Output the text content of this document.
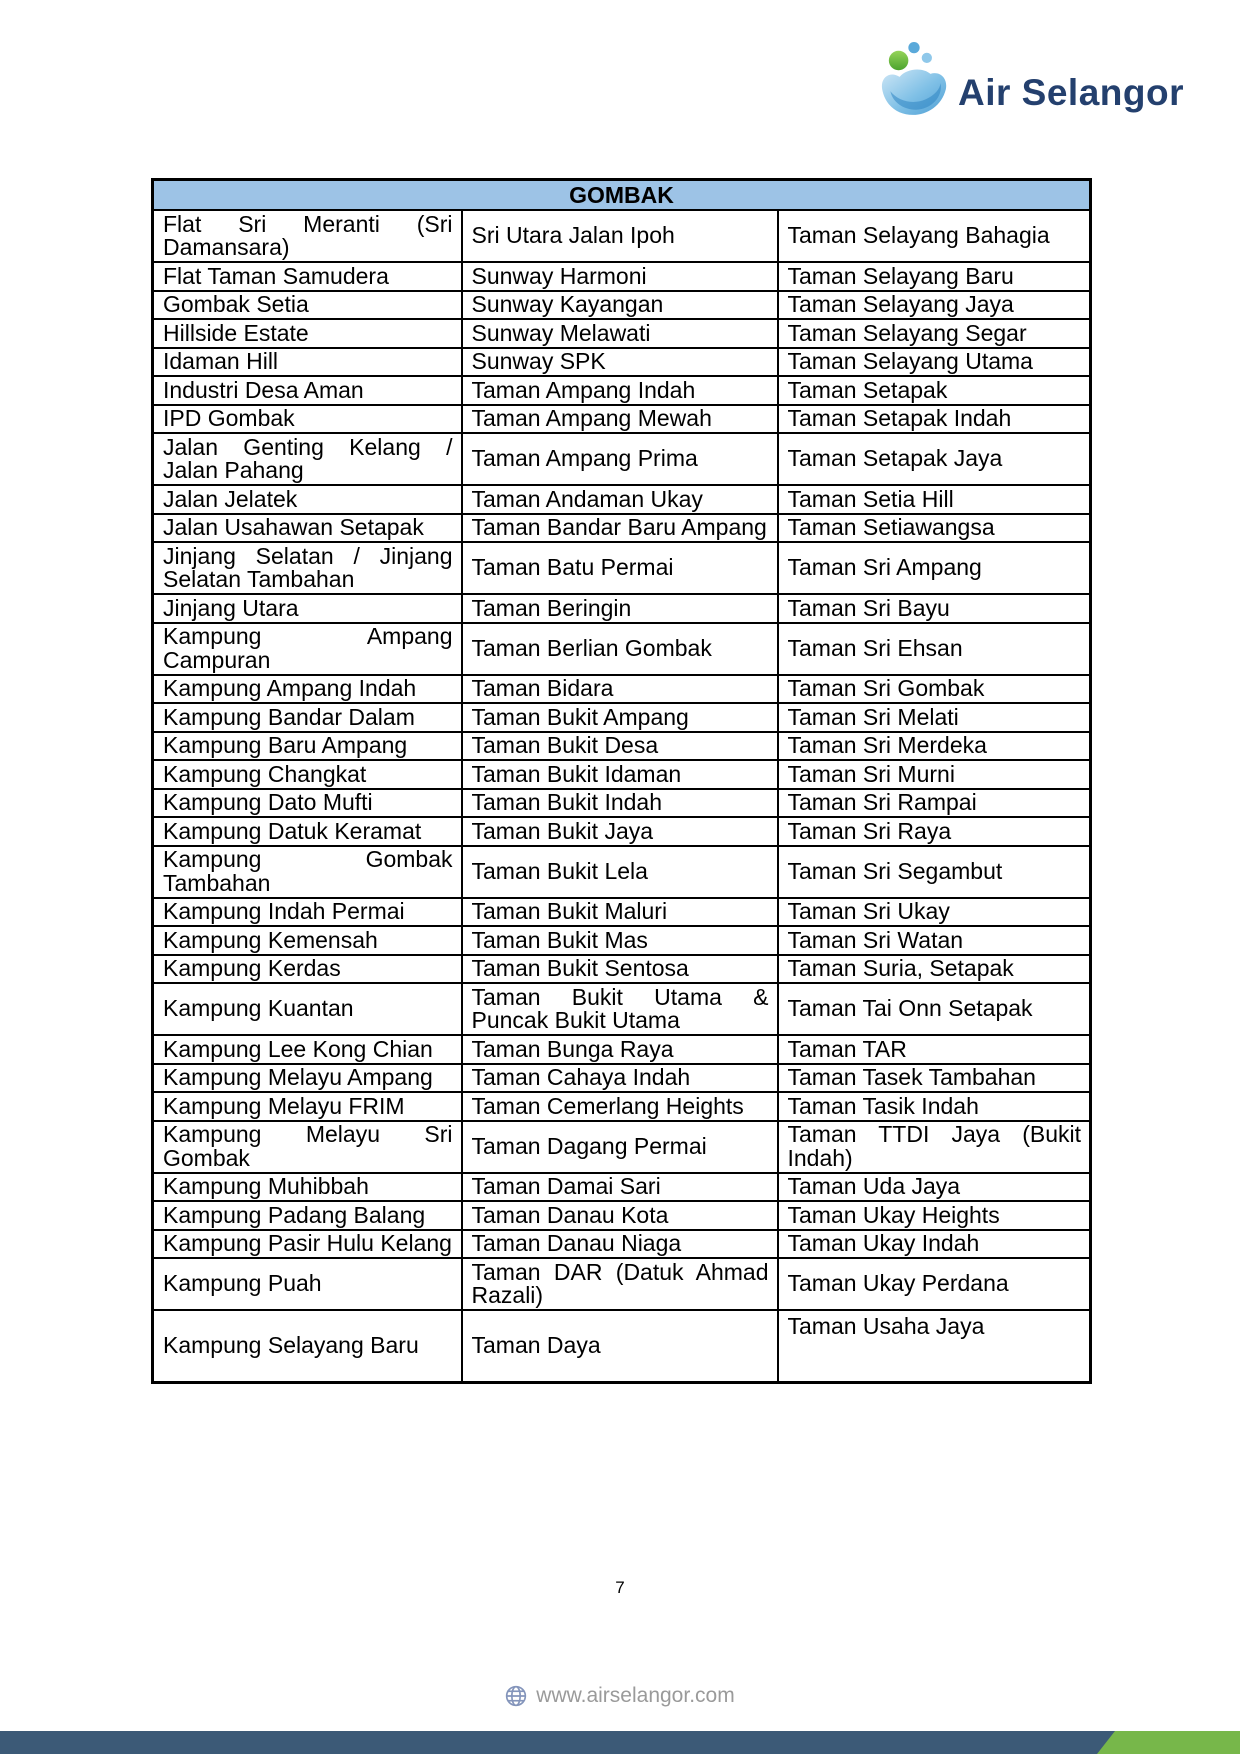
Air Selangor
GOMBAK		
Flat Sri Meranti (Sri Damansara)	Sri Utara Jalan Ipoh	Taman Selayang Bahagia
Flat Taman Samudera	Sunway Harmoni	Taman Selayang Baru
Gombak Setia	Sunway Kayangan	Taman Selayang Jaya
Hillside Estate	Sunway Melawati	Taman Selayang Segar
Idaman Hill	Sunway SPK	Taman Selayang Utama
Industri Desa Aman	Taman Ampang Indah	Taman Setapak
IPD Gombak	Taman Ampang Mewah	Taman Setapak Indah
Jalan Genting Kelang / Jalan Pahang	Taman Ampang Prima	Taman Setapak Jaya
Jalan Jelatek	Taman Andaman Ukay	Taman Setia Hill
Jalan Usahawan Setapak	Taman Bandar Baru Ampang	Taman Setiawangsa
Jinjang Selatan / Jinjang Selatan Tambahan	Taman Batu Permai	Taman Sri Ampang
Jinjang Utara	Taman Beringin	Taman Sri Bayu
Kampung Ampang Campuran	Taman Berlian Gombak	Taman Sri Ehsan
Kampung Ampang Indah	Taman Bidara	Taman Sri Gombak
Kampung Bandar Dalam	Taman Bukit Ampang	Taman Sri Melati
Kampung Baru Ampang	Taman Bukit Desa	Taman Sri Merdeka
Kampung Changkat	Taman Bukit Idaman	Taman Sri Murni
Kampung Dato Mufti	Taman Bukit Indah	Taman Sri Rampai
Kampung Datuk Keramat	Taman Bukit Jaya	Taman Sri Raya
Kampung Gombak Tambahan	Taman Bukit Lela	Taman Sri Segambut
Kampung Indah Permai	Taman Bukit Maluri	Taman Sri Ukay
Kampung Kemensah	Taman Bukit Mas	Taman Sri Watan
Kampung Kerdas	Taman Bukit Sentosa	Taman Suria, Setapak
Kampung Kuantan	Taman Bukit Utama & Puncak Bukit Utama	Taman Tai Onn Setapak
Kampung Lee Kong Chian	Taman Bunga Raya	Taman TAR
Kampung Melayu Ampang	Taman Cahaya Indah	Taman Tasek Tambahan
Kampung Melayu FRIM	Taman Cemerlang Heights	Taman Tasik Indah
Kampung Melayu Sri Gombak	Taman Dagang Permai	Taman TTDI Jaya (Bukit Indah)
Kampung Muhibbah	Taman Damai Sari	Taman Uda Jaya
Kampung Padang Balang	Taman Danau Kota	Taman Ukay Heights
Kampung Pasir Hulu Kelang	Taman Danau Niaga	Taman Ukay Indah
Kampung Puah	Taman DAR (Datuk Ahmad Razali)	Taman Ukay Perdana
Kampung Selayang Baru	Taman Daya	Taman Usaha Jaya
7
www.airselangor.com
